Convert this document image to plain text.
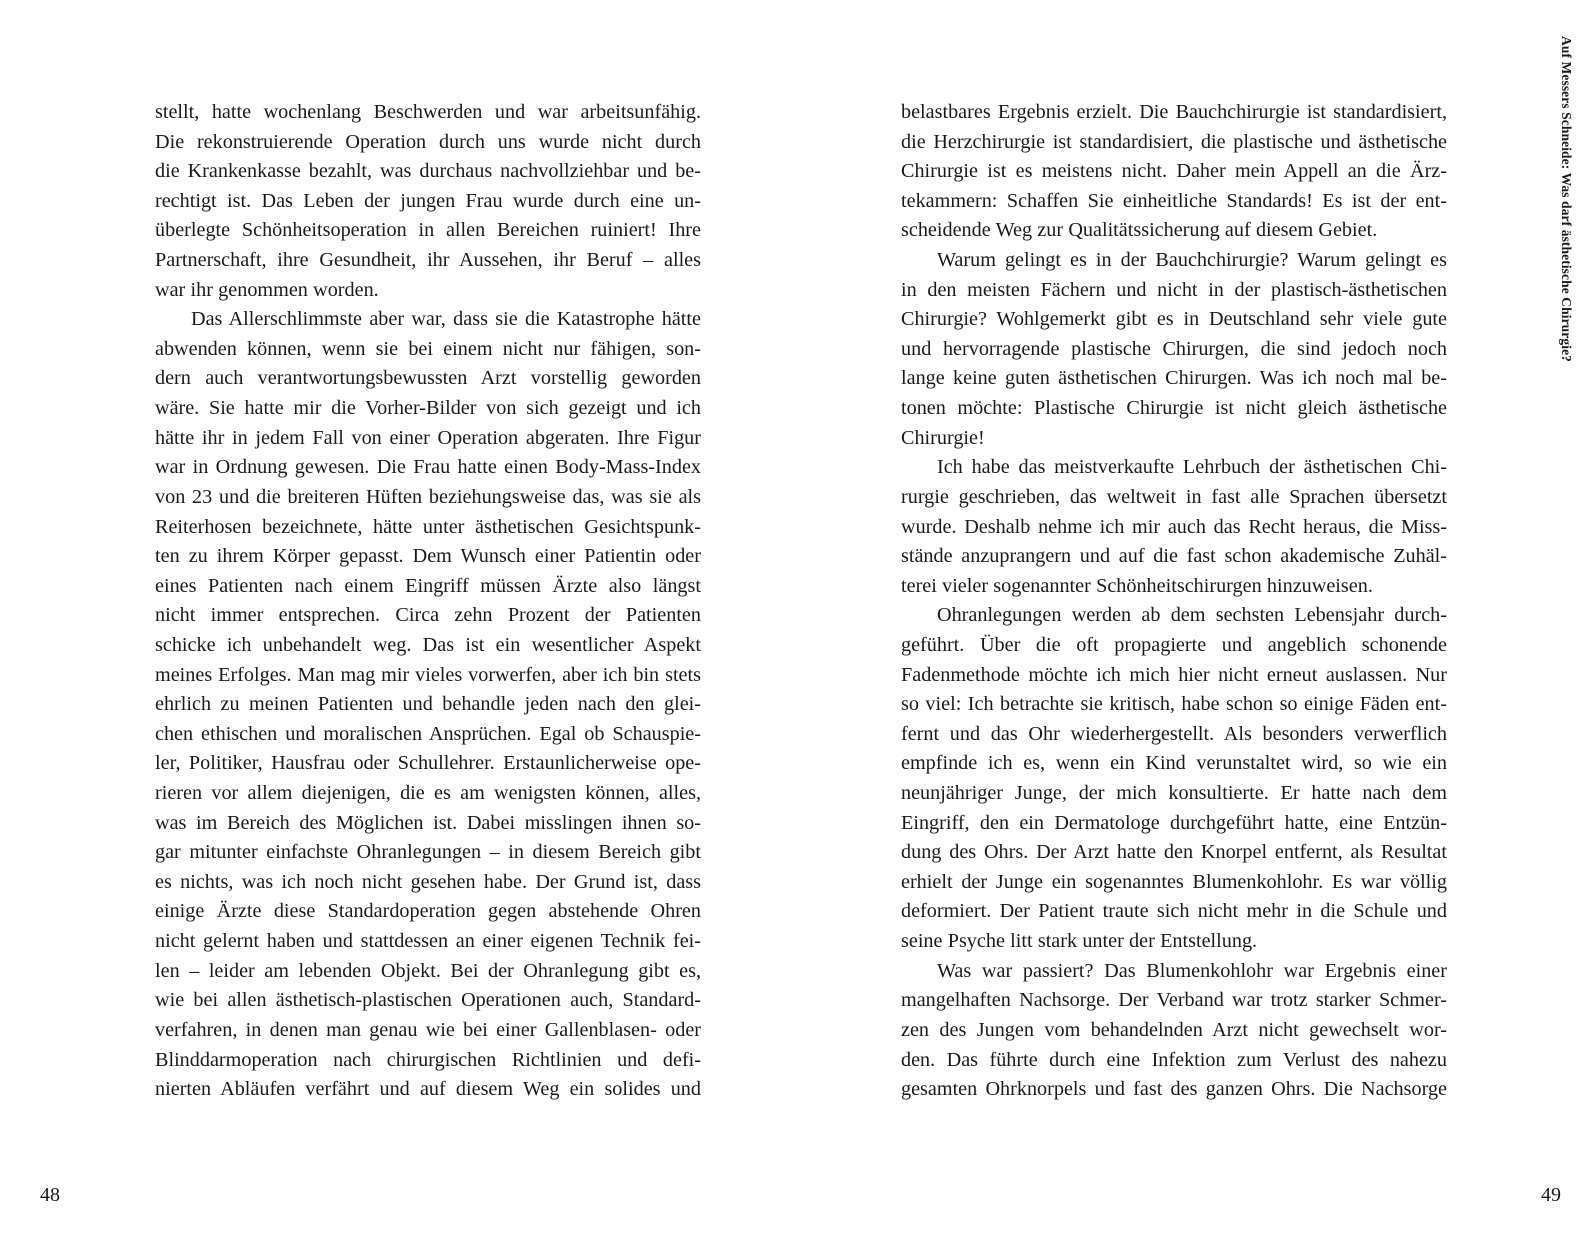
stellt, hatte wochenlang Beschwerden und war arbeitsunfähig.
Die rekonstruierende Operation durch uns wurde nicht durch
die Krankenkasse bezahlt, was durchaus nachvollziehbar und be-
rechtigt ist. Das Leben der jungen Frau wurde durch eine un-
überlegte Schönheitsoperation in allen Bereichen ruiniert! Ihre
Partnerschaft, ihre Gesundheit, ihr Aussehen, ihr Beruf – alles
war ihr genommen worden.
Das Allerschlimmste aber war, dass sie die Katastrophe hätte
abwenden können, wenn sie bei einem nicht nur fähigen, son-
dern auch verantwortungsbewussten Arzt vorstellig geworden
wäre. Sie hatte mir die Vorher-Bilder von sich gezeigt und ich
hätte ihr in jedem Fall von einer Operation abgeraten. Ihre Figur
war in Ordnung gewesen. Die Frau hatte einen Body-Mass-Index
von 23 und die breiteren Hüften beziehungsweise das, was sie als
Reiterhosen bezeichnete, hätte unter ästhetischen Gesichtspunk-
ten zu ihrem Körper gepasst. Dem Wunsch einer Patientin oder
eines Patienten nach einem Eingriff müssen Ärzte also längst
nicht immer entsprechen. Circa zehn Prozent der Patienten
schicke ich unbehandelt weg. Das ist ein wesentlicher Aspekt
meines Erfolges. Man mag mir vieles vorwerfen, aber ich bin stets
ehrlich zu meinen Patienten und behandle jeden nach den glei-
chen ethischen und moralischen Ansprüchen. Egal ob Schauspie-
ler, Politiker, Hausfrau oder Schullehrer. Erstaunlicherweise ope-
rieren vor allem diejenigen, die es am wenigsten können, alles,
was im Bereich des Möglichen ist. Dabei misslingen ihnen so-
gar mitunter einfachste Ohranlegungen – in diesem Bereich gibt
es nichts, was ich noch nicht gesehen habe. Der Grund ist, dass
einige Ärzte diese Standardoperation gegen abstehende Ohren
nicht gelernt haben und stattdessen an einer eigenen Technik fei-
len – leider am lebenden Objekt. Bei der Ohranlegung gibt es,
wie bei allen ästhetisch-plastischen Operationen auch, Standard-
verfahren, in denen man genau wie bei einer Gallenblasen- oder
Blinddarmoperation nach chirurgischen Richtlinien und defi-
nierten Abläufen verfährt und auf diesem Weg ein solides und
48
belastbares Ergebnis erzielt. Die Bauchchirurgie ist standardisiert,
die Herzchirurgie ist standardisiert, die plastische und ästhetische
Chirurgie ist es meistens nicht. Daher mein Appell an die Ärz-
tekammern: Schaffen Sie einheitliche Standards! Es ist der ent-
scheidende Weg zur Qualitätssicherung auf diesem Gebiet.
Warum gelingt es in der Bauchchirurgie? Warum gelingt es
in den meisten Fächern und nicht in der plastisch-ästhetischen
Chirurgie? Wohlgemerkt gibt es in Deutschland sehr viele gute
und hervorragende plastische Chirurgen, die sind jedoch noch
lange keine guten ästhetischen Chirurgen. Was ich noch mal be-
tonen möchte: Plastische Chirurgie ist nicht gleich ästhetische
Chirurgie!
Ich habe das meistverkaufte Lehrbuch der ästhetischen Chi-
rurgie geschrieben, das weltweit in fast alle Sprachen übersetzt
wurde. Deshalb nehme ich mir auch das Recht heraus, die Miss-
stände anzuprangern und auf die fast schon akademische Zuhäl-
terei vieler sogenannter Schönheitschirurgen hinzuweisen.
Ohranlegungen werden ab dem sechsten Lebensjahr durch-
geführt. Über die oft propagierte und angeblich schonende
Fadenmethode möchte ich mich hier nicht erneut auslassen. Nur
so viel: Ich betrachte sie kritisch, habe schon so einige Fäden ent-
fernt und das Ohr wiederhergestellt. Als besonders verwerflich
empfinde ich es, wenn ein Kind verunstaltet wird, so wie ein
neunjähriger Junge, der mich konsultierte. Er hatte nach dem
Eingriff, den ein Dermatologe durchgeführt hatte, eine Entzün-
dung des Ohrs. Der Arzt hatte den Knorpel entfernt, als Resultat
erhielt der Junge ein sogenanntes Blumenkohlohr. Es war völlig
deformiert. Der Patient traute sich nicht mehr in die Schule und
seine Psyche litt stark unter der Entstellung.
Was war passiert? Das Blumenkohlohr war Ergebnis einer
mangelhaften Nachsorge. Der Verband war trotz starker Schmer-
zen des Jungen vom behandelnden Arzt nicht gewechselt wor-
den. Das führte durch eine Infektion zum Verlust des nahezu
gesamten Ohrknorpels und fast des ganzen Ohrs. Die Nachsorge
Auf Messers Schneide: Was darf ästhetische Chirurgie?
49
